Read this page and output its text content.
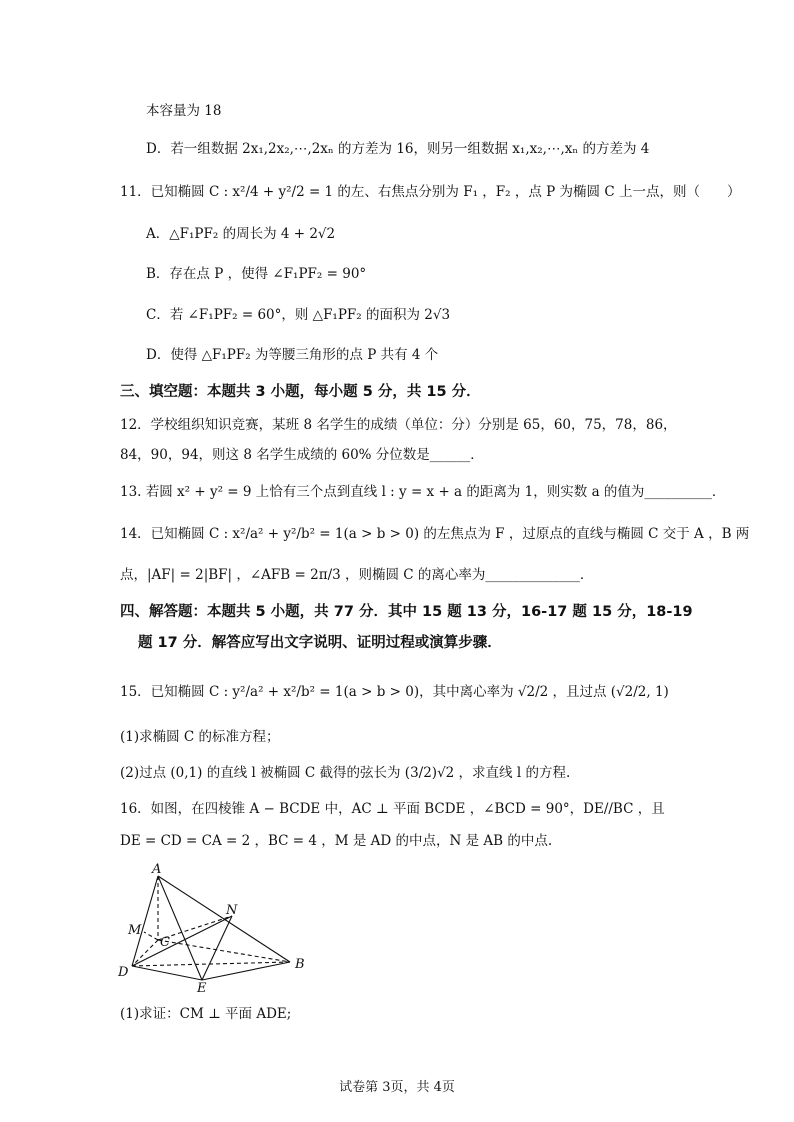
本容量为 18
D．若一组数据 2x₁,2x₂,⋯,2xₙ 的方差为 16，则另一组数据 x₁,x₂,⋯,xₙ 的方差为 4
11．已知椭圆 C : x²/4 + y²/2 = 1 的左、右焦点分别为 F₁ ，F₂ ，点 P 为椭圆 C 上一点，则（　　）
A．△F₁PF₂ 的周长为 4 + 2√2
B．存在点 P ，使得 ∠F₁PF₂ = 90°
C．若 ∠F₁PF₂ = 60°，则 △F₁PF₂ 的面积为 2√3
D．使得 △F₁PF₂ 为等腰三角形的点 P 共有 4 个
三、填空题：本题共 3 小题，每小题 5 分，共 15 分．
12．学校组织知识竞赛，某班 8 名学生的成绩（单位：分）分别是 65，60，75，78，86，
84，90，94，则这 8 名学生成绩的 60% 分位数是______．
13. 若圆 x² + y² = 9 上恰有三个点到直线 l : y = x + a 的距离为 1，则实数 a 的值为__________．
14．已知椭圆 C : x²/a² + y²/b² = 1(a > b > 0) 的左焦点为 F ，过原点的直线与椭圆 C 交于 A ，B 两
点，|AF| = 2|BF| ，∠AFB = 2π/3 ，则椭圆 C 的离心率为______________．
四、解答题：本题共 5 小题，共 77 分．其中 15 题 13 分，16-17 题 15 分，18-19
题 17 分．解答应写出文字说明、证明过程或演算步骤．
15．已知椭圆 C : y²/a² + x²/b² = 1(a > b > 0)，其中离心率为 √2/2 ，且过点 (√2/2, 1)
(1)求椭圆 C 的标准方程；
(2)过点 (0,1) 的直线 l 被椭圆 C 截得的弦长为 (3/2)√2 ，求直线 l 的方程.
16．如图，在四棱锥 A − BCDE 中，AC ⊥ 平面 BCDE ，∠BCD = 90°，DE//BC ，且
DE = CD = CA = 2 ，BC = 4 ，M 是 AD 的中点，N 是 AB 的中点.
A
M
C
D
E
N
B
(1)求证：CM ⊥ 平面 ADE;
试卷第 3页，共 4页
